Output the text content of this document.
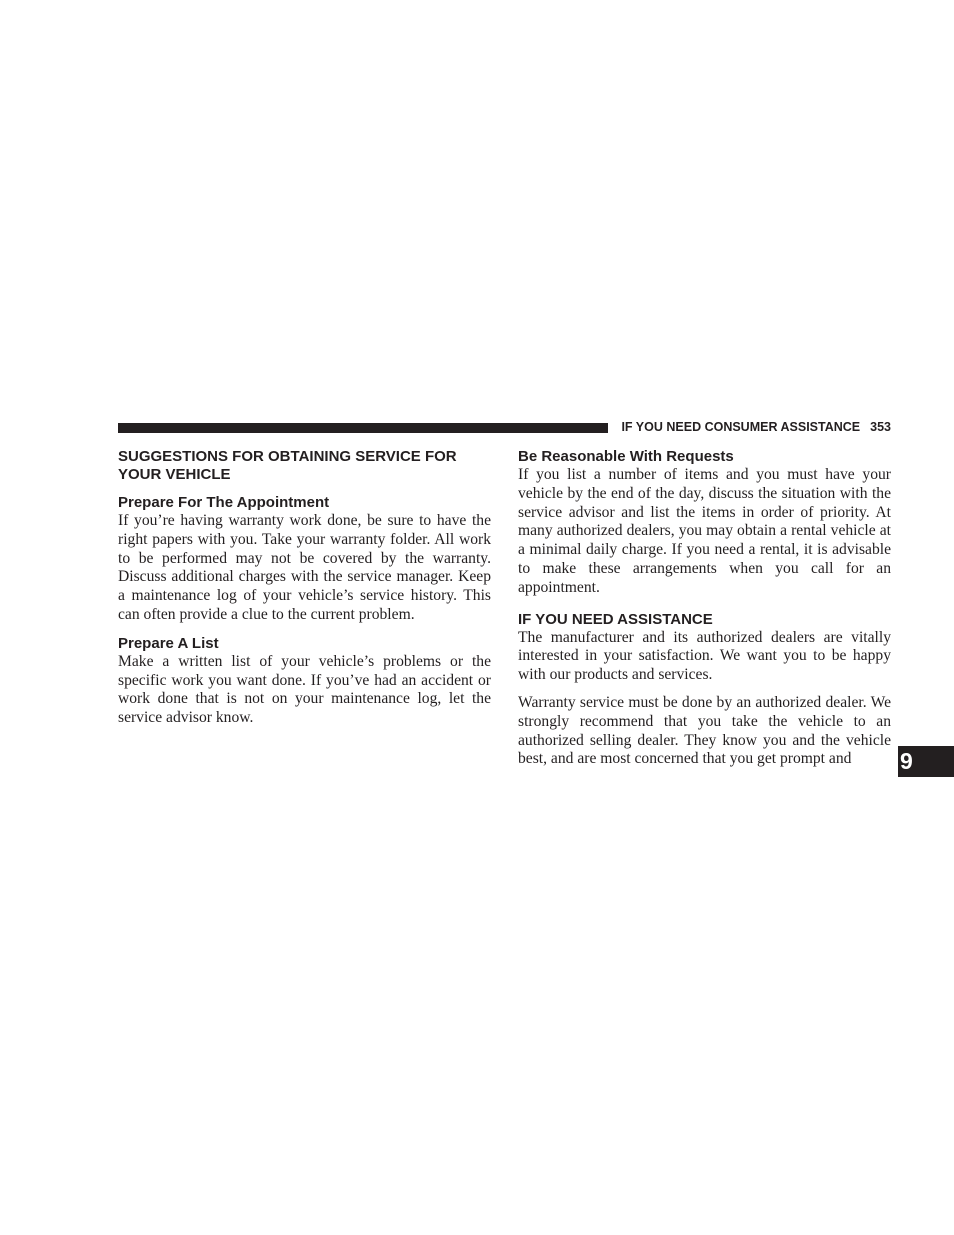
IF YOU NEED CONSUMER ASSISTANCE 353
SUGGESTIONS FOR OBTAINING SERVICE FOR YOUR VEHICLE
Prepare For The Appointment

If you’re having warranty work done, be sure to have the right papers with you. Take your warranty folder. All work to be performed may not be covered by the warranty. Discuss additional charges with the service manager. Keep a maintenance log of your vehicle’s service history. This can often provide a clue to the current problem.

Prepare A List

Make a written list of your vehicle’s problems or the specific work you want done. If you’ve had an accident or work done that is not on your maintenance log, let the service advisor know.

Be Reasonable With Requests

If you list a number of items and you must have your vehicle by the end of the day, discuss the situation with the service advisor and list the items in order of priority. At many authorized dealers, you may obtain a rental vehicle at a minimal daily charge. If you need a rental, it is advisable to make these arrangements when you call for an appointment.

IF YOU NEED ASSISTANCE

The manufacturer and its authorized dealers are vitally interested in your satisfaction. We want you to be happy with our products and services.

Warranty service must be done by an authorized dealer. We strongly recommend that you take the vehicle to an authorized selling dealer. They know you and the vehicle best, and are most concerned that you get prompt and	9
